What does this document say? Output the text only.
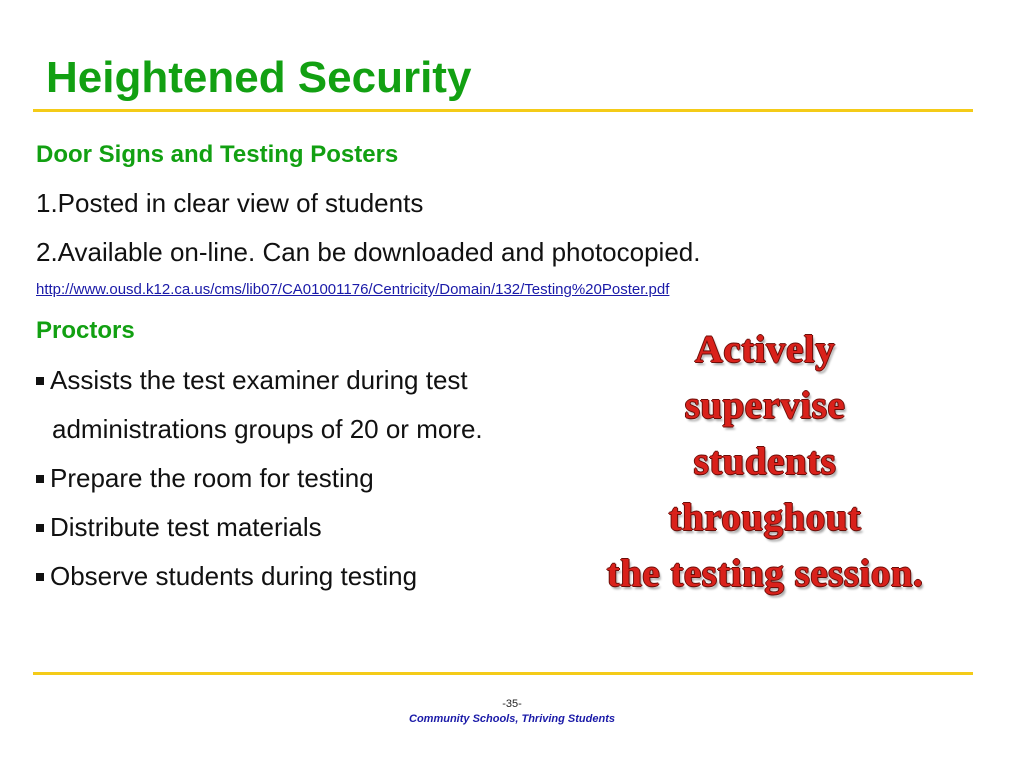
Heightened Security
Door Signs and Testing Posters
1.Posted in clear view of students
2.Available on-line. Can be downloaded and photocopied.
http://www.ousd.k12.ca.us/cms/lib07/CA01001176/Centricity/Domain/132/Testing%20Poster.pdf
Proctors
Assists the test examiner during test
administrations groups of 20 or more.
Prepare the room for testing
Distribute test materials
Observe students during testing
Actively
supervise
students
throughout
the testing session.
-35-
Community Schools, Thriving Students
